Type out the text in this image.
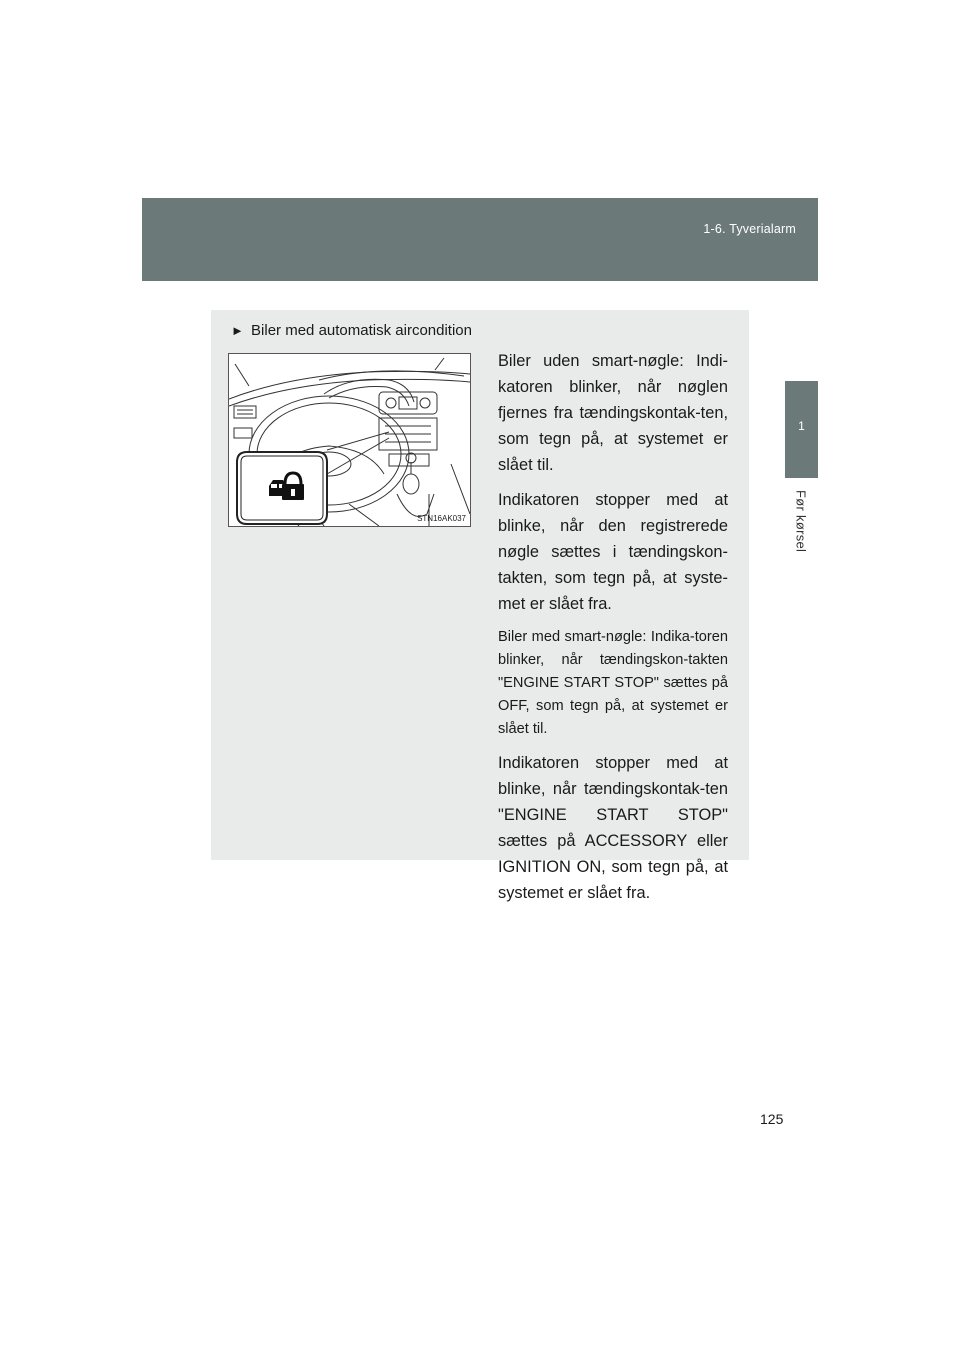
1-6. Tyverialarm
1
Før kørsel
► Biler med automatisk aircondition
STN16AK037

Biler uden smart-nøgle: Indi-katoren blinker, når nøglen fjernes fra tændingskontak-ten, som tegn på, at systemet er slået til.

Indikatoren stopper med at blinke, når den registrerede nøgle sættes i tændingskon-takten, som tegn på, at syste-met er slået fra.

Biler med smart-nøgle: Indika-toren blinker, når tændingskon-takten "ENGINE START STOP" sættes på OFF, som tegn på, at systemet er slået til.

Indikatoren stopper med at blinke, når tændingskontak-ten "ENGINE START STOP" sættes på ACCESSORY eller IGNITION ON, som tegn på, at systemet er slået fra.

125
